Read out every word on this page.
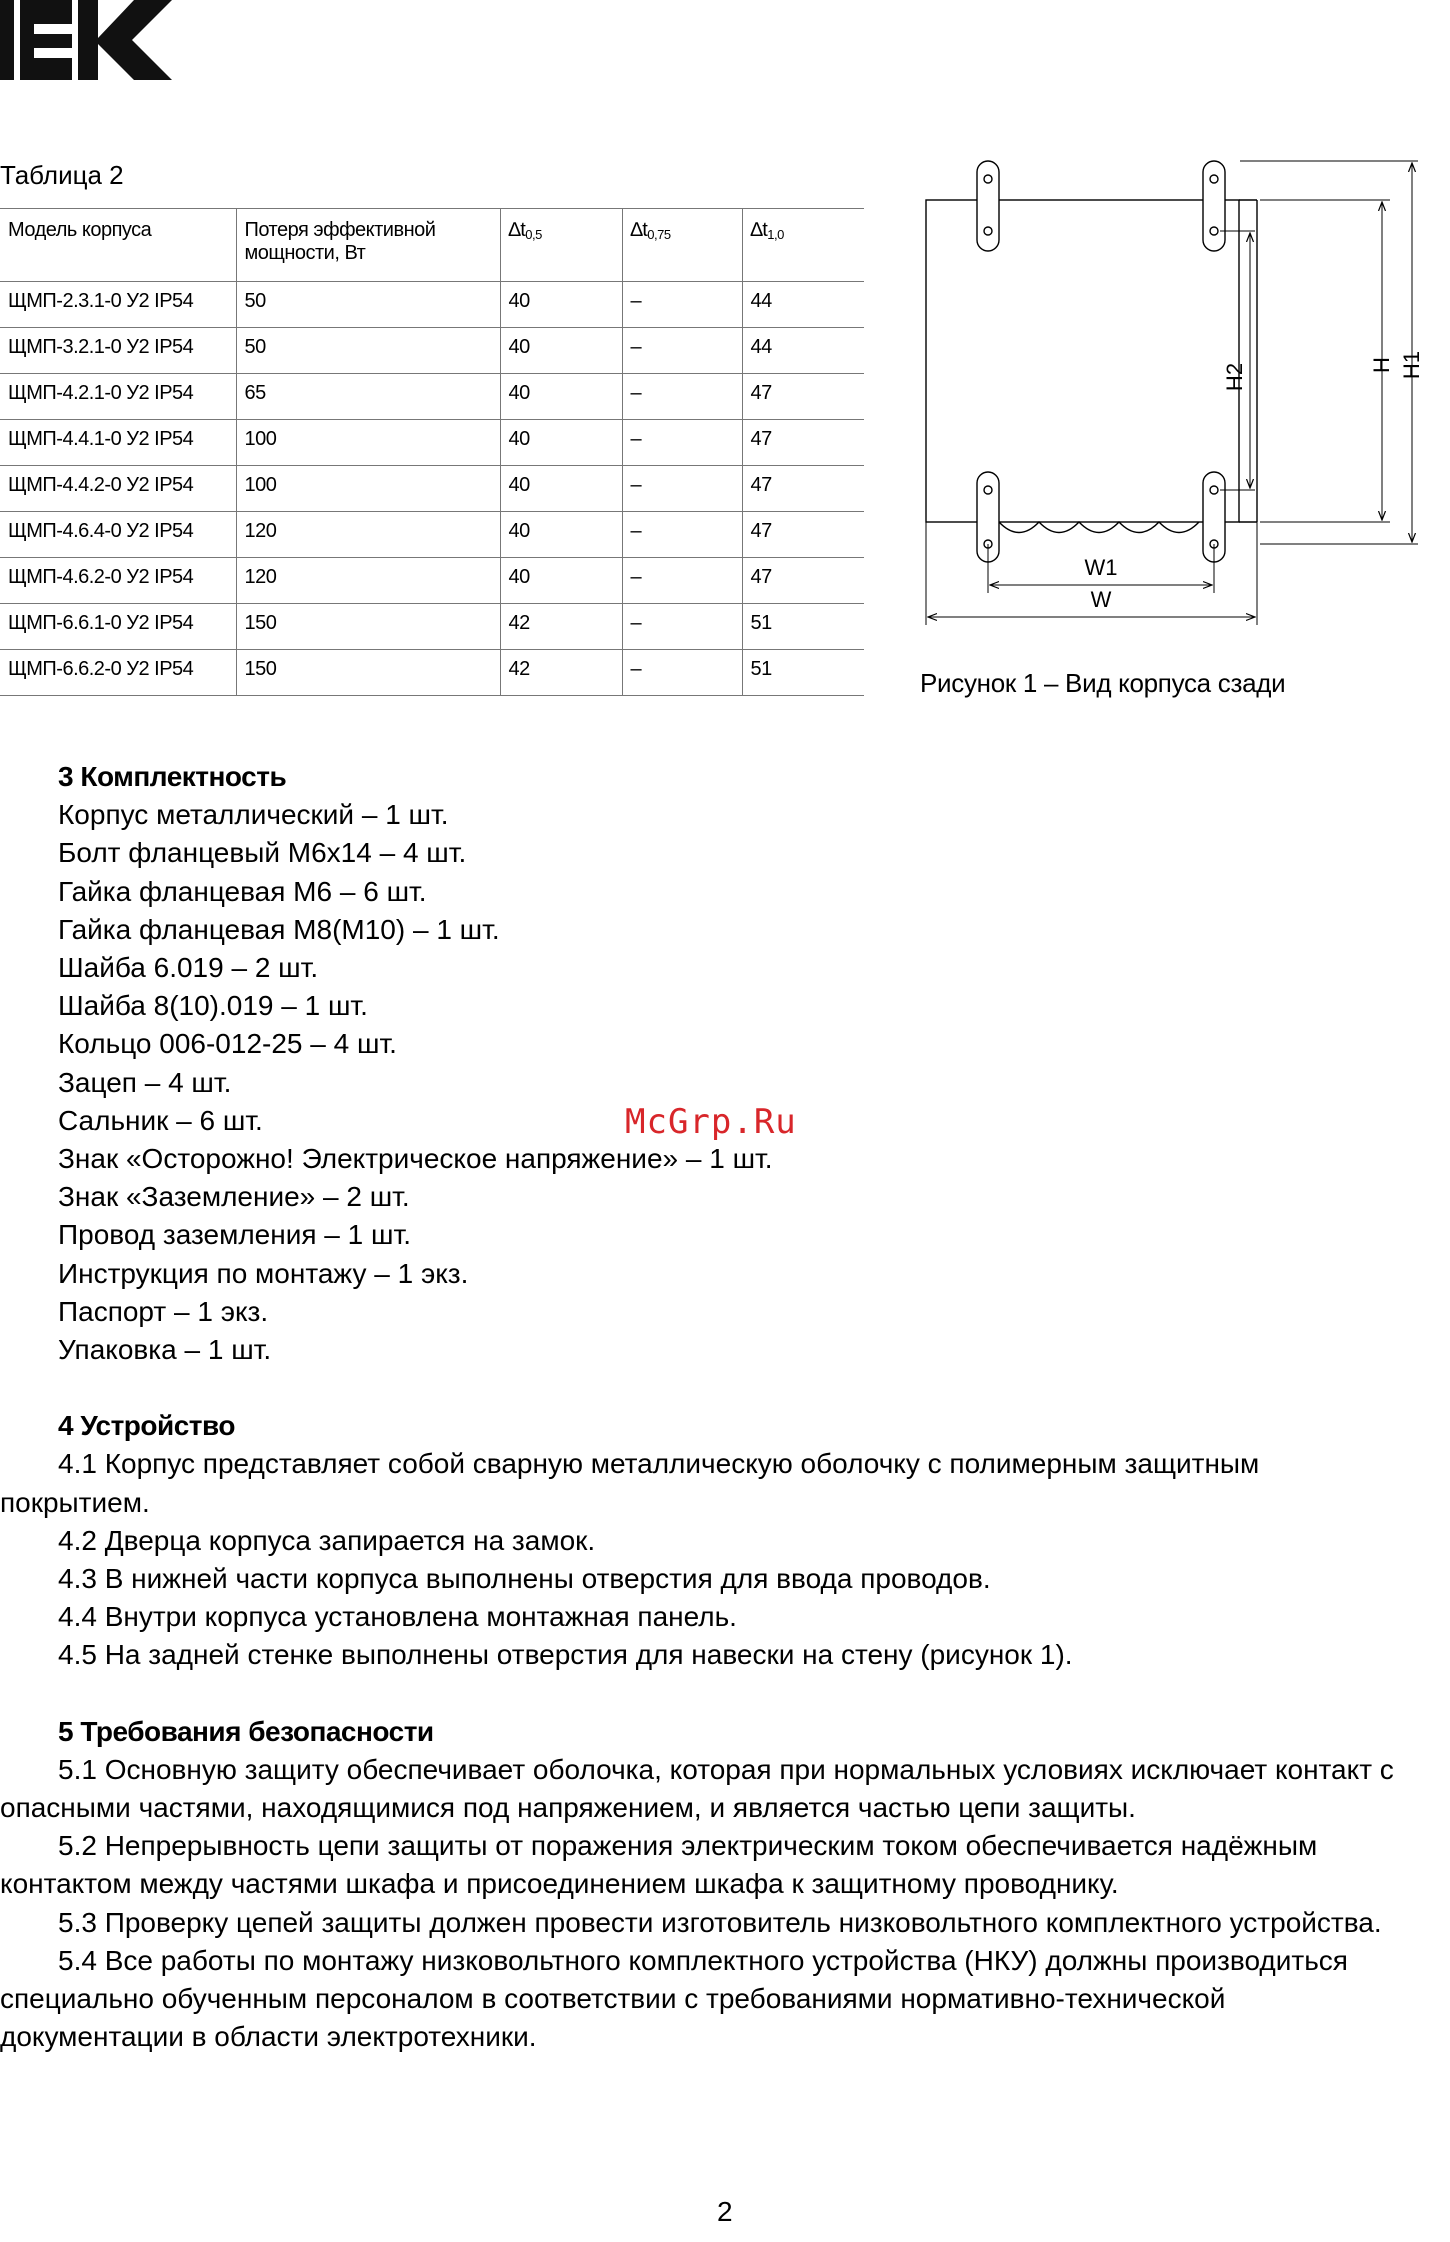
Таблица 2
Модель корпуса	Потеря эффективной
мощности, Вт	$\Delta t_{0,5}$	$\Delta t_{0,75}$	$\Delta t_{1,0}$
ЩМП-2.3.1-0 У2 IP54	50	40	–	44
ЩМП-3.2.1-0 У2 IP54	50	40	–	44
ЩМП-4.2.1-0 У2 IP54	65	40	–	47
ЩМП-4.4.1-0 У2 IP54	100	40	–	47
ЩМП-4.4.2-0 У2 IP54	100	40	–	47
ЩМП-4.6.4-0 У2 IP54	120	40	–	47
ЩМП-4.6.2-0 У2 IP54	120	40	–	47
ЩМП-6.6.1-0 У2 IP54	150	42	–	51
ЩМП-6.6.2-0 У2 IP54	150	42	–	51
H2	H H1
W1
W
Рисунок 1 – Вид корпуса сзади
3 Комплектность
Корпус металлический – 1 шт.
Болт фланцевый М6х14 – 4 шт.
Гайка фланцевая М6 – 6 шт.
Гайка фланцевая М8(М10) – 1 шт.
Шайба 6.019 – 2 шт.
Шайба 8(10).019 – 1 шт.
Кольцо 006-012-25 – 4 шт.
Зацеп – 4 шт.
Сальник – 6 шт.
Знак «Осторожно! Электрическое напряжение» – 1 шт.
Знак «Заземление» – 2 шт.
Провод заземления – 1 шт.
Инструкция по монтажу – 1 экз.
Паспорт – 1 экз.
Упаковка – 1 шт.
4 Устройство

4.1 Корпус представляет собой сварную металлическую оболочку с полимерным защитным покрытием.

4.2 Дверца корпуса запирается на замок.

4.3 В нижней части корпуса выполнены отверстия для ввода проводов.

4.4 Внутри корпуса установлена монтажная панель.

4.5 На задней стенке выполнены отверстия для навески на стену (рисунок 1).

5 Требования безопасности

5.1 Основную защиту обеспечивает оболочка, которая при нормальных условиях исключает контакт с опасными частями, находящимися под напряжением, и является частью цепи защиты.

5.2 Непрерывность цепи защиты от поражения электрическим током обеспечивается надёжным контактом между частями шкафа и присоединением шкафа к защитному проводнику.

5.3 Проверку цепей защиты должен провести изготовитель низковольтного комплектного устройства.

5.4 Все работы по монтажу низковольтного комплектного устройства (НКУ) должны производиться специально обученным персоналом в соответствии с требованиями нормативно-технической документации в области электротехники.

McGrp.Ru
2
